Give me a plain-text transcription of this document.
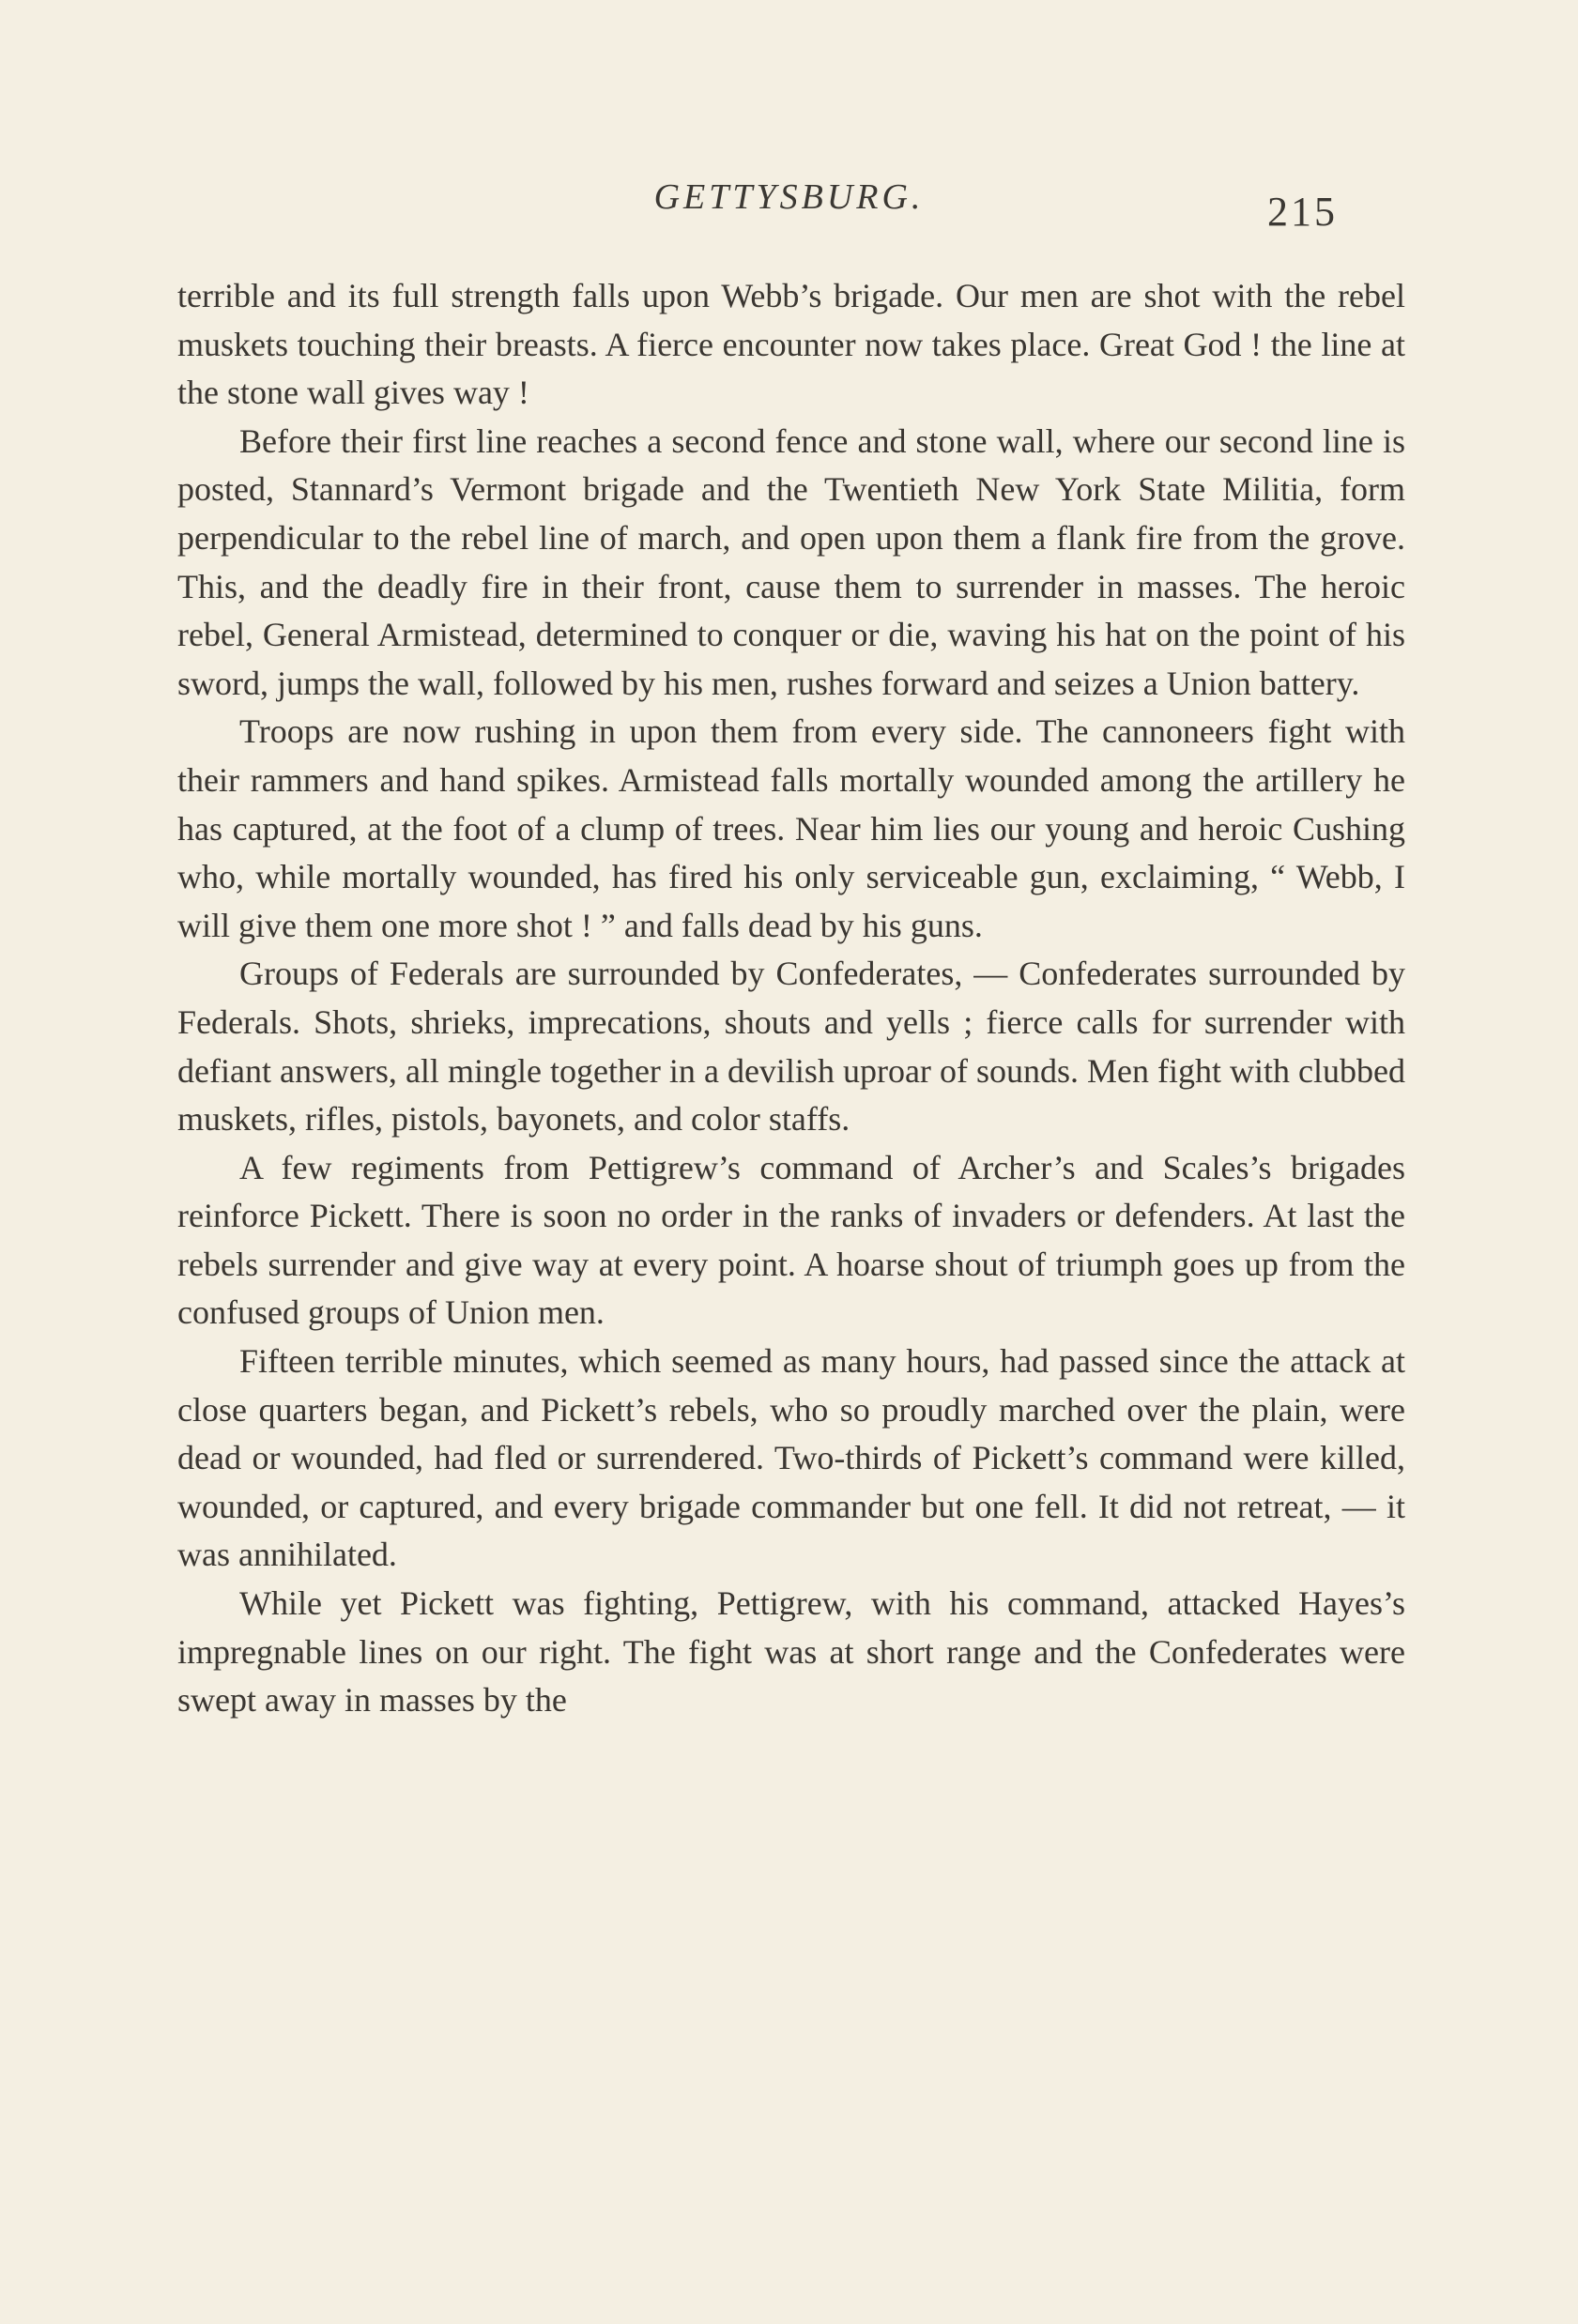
GETTYSBURG.	215

terrible and its full strength falls upon Webb’s brigade. Our men are shot with the rebel muskets touching their breasts. A fierce encounter now takes place. Great God ! the line at the stone wall gives way !

Before their first line reaches a second fence and stone wall, where our second line is posted, Stannard’s Vermont brigade and the Twentieth New York State Militia, form perpendicular to the rebel line of march, and open upon them a flank fire from the grove. This, and the deadly fire in their front, cause them to surrender in masses. The heroic rebel, General Armistead, determined to conquer or die, waving his hat on the point of his sword, jumps the wall, followed by his men, rushes forward and seizes a Union battery.

Troops are now rushing in upon them from every side. The cannoneers fight with their rammers and hand spikes. Armistead falls mortally wounded among the artillery he has captured, at the foot of a clump of trees. Near him lies our young and heroic Cushing who, while mortally wounded, has fired his only serviceable gun, exclaiming, “ Webb, I will give them one more shot ! ” and falls dead by his guns.

Groups of Federals are surrounded by Confederates, — Confederates surrounded by Federals. Shots, shrieks, imprecations, shouts and yells ; fierce calls for surrender with defiant answers, all mingle together in a devilish uproar of sounds. Men fight with clubbed muskets, rifles, pistols, bayonets, and color staffs.

A few regiments from Pettigrew’s command of Archer’s and Scales’s brigades reinforce Pickett. There is soon no order in the ranks of invaders or defenders. At last the rebels surrender and give way at every point. A hoarse shout of triumph goes up from the confused groups of Union men.

Fifteen terrible minutes, which seemed as many hours, had passed since the attack at close quarters began, and Pickett’s rebels, who so proudly marched over the plain, were dead or wounded, had fled or surrendered. Two-thirds of Pickett’s command were killed, wounded, or captured, and every brigade commander but one fell. It did not retreat, — it was annihilated.

While yet Pickett was fighting, Pettigrew, with his command, attacked Hayes’s impregnable lines on our right. The fight was at short range and the Confederates were swept away in masses by the
